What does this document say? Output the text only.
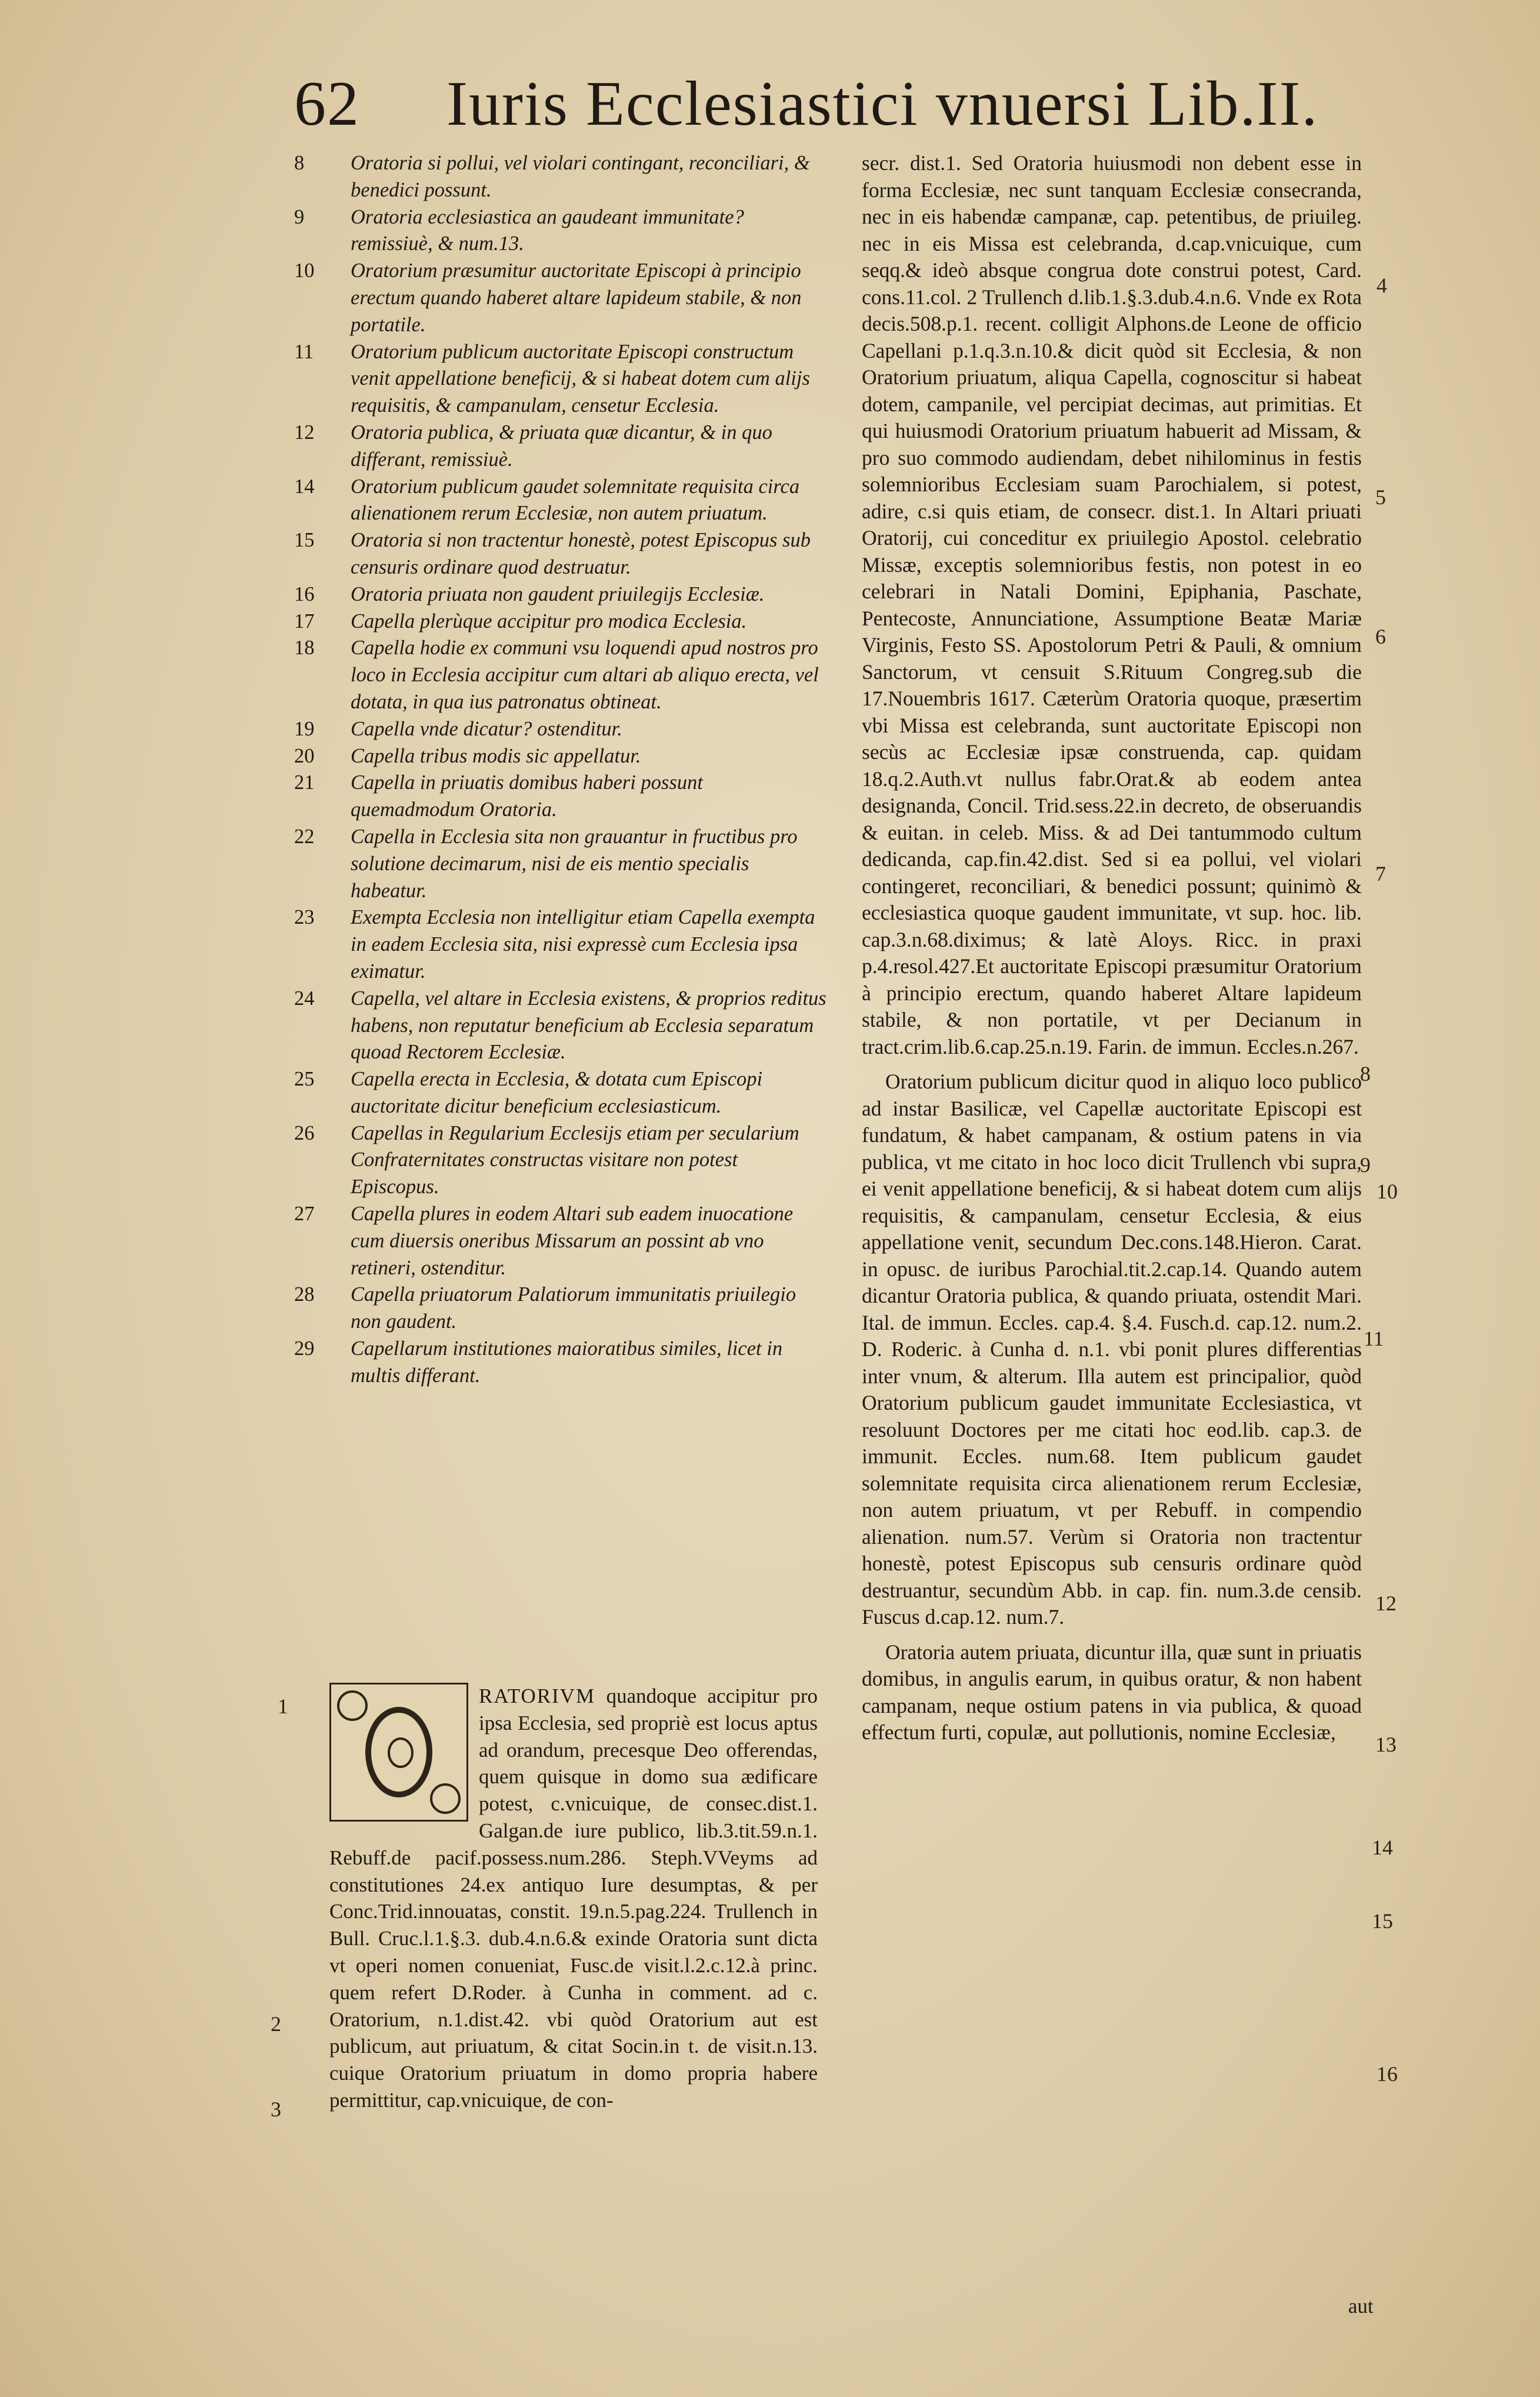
62 Iuris Ecclesiastici vnuersi Lib.II.
8	Oratoria si pollui, vel violari contingant, reconciliari, & benedici possunt.
9	Oratoria ecclesiastica an gaudeant immunitate? remissiuè, & num.13.
10	Oratorium præsumitur auctoritate Episcopi à principio erectum quando haberet altare lapideum stabile, & non portatile.
11	Oratorium publicum auctoritate Episcopi constructum venit appellatione beneficij, & si habeat dotem cum alijs requisitis, & campanulam, censetur Ecclesia.
12	Oratoria publica, & priuata quæ dicantur, & in quo differant, remissiuè.
14	Oratorium publicum gaudet solemnitate requisita circa alienationem rerum Ecclesiæ, non autem priuatum.
15	Oratoria si non tractentur honestè, potest Episcopus sub censuris ordinare quod destruatur.
16	Oratoria priuata non gaudent priuilegijs Ecclesiæ.
17	Capella plerùque accipitur pro modica Ecclesia.
18	Capella hodie ex communi vsu loquendi apud nostros pro loco in Ecclesia accipitur cum altari ab aliquo erecta, vel dotata, in qua ius patronatus obtineat.
19	Capella vnde dicatur? ostenditur.
20	Capella tribus modis sic appellatur.
21	Capella in priuatis domibus haberi possunt quemadmodum Oratoria.
22	Capella in Ecclesia sita non grauantur in fructibus pro solutione decimarum, nisi de eis mentio specialis habeatur.
23	Exempta Ecclesia non intelligitur etiam Capella exempta in eadem Ecclesia sita, nisi expressè cum Ecclesia ipsa eximatur.
24	Capella, vel altare in Ecclesia existens, & proprios reditus habens, non reputatur beneficium ab Ecclesia separatum quoad Rectorem Ecclesiæ.
25	Capella erecta in Ecclesia, & dotata cum Episcopi auctoritate dicitur beneficium ecclesiasticum.
26	Capellas in Regularium Ecclesijs etiam per secularium Confraternitates constructas visitare non potest Episcopus.
27	Capella plures in eodem Altari sub eadem inuocatione cum diuersis oneribus Missarum an possint ab vno retineri, ostenditur.
28	Capella priuatorum Palatiorum immunitatis priuilegio non gaudent.
29	Capellarum institutiones maioratibus similes, licet in multis differant.

RATORIVM quandoque accipitur pro ipsa Ecclesia, sed propriè est locus aptus ad orandum, precesque Deo offerendas, quem quisque in domo sua ædificare potest, c.vnicuique, de consec.dist.1. Galgan.de iure publico, lib.3.tit.59.n.1. Rebuff.de pacif.possess.num.286. Steph.VVeyms ad constitutiones 24.ex antiquo Iure desumptas, & per Conc.Trid.innouatas, constit. 19.n.5.pag.224. Trullench in Bull. Cruc.l.1.§.3. dub.4.n.6.& exinde Oratoria sunt dicta vt operi nomen conueniat, Fusc.de visit.l.2.c.12.à princ. quem refert D.Roder. à Cunha in comment. ad c. Oratorium, n.1.dist.42. vbi quòd Oratorium aut est publicum, aut priuatum, & citat Socin.in t. de visit.n.13. cuique Oratorium priuatum in domo propria habere permittitur, cap.vnicuique, de con-

secr. dist.1. Sed Oratoria huiusmodi non debent esse in forma Ecclesiæ, nec sunt tanquam Ecclesiæ consecranda, nec in eis habendæ campanæ, cap. petentibus, de priuileg. nec in eis Missa est celebranda, d.cap.vnicuique, cum seqq.& ideò absque congrua dote construi potest, Card. cons.11.col. 2 Trullench d.lib.1.§.3.dub.4.n.6. Vnde ex Rota decis.508.p.1. recent. colligit Alphons.de Leone de officio Capellani p.1.q.3.n.10.& dicit quòd sit Ecclesia, & non Oratorium priuatum, aliqua Capella, cognoscitur si habeat dotem, campanile, vel percipiat decimas, aut primitias. Et qui huiusmodi Oratorium priuatum habuerit ad Missam, & pro suo commodo audiendam, debet nihilominus in festis solemnioribus Ecclesiam suam Parochialem, si potest, adire, c.si quis etiam, de consecr. dist.1. In Altari priuati Oratorij, cui conceditur ex priuilegio Apostol. celebratio Missæ, exceptis solemnioribus festis, non potest in eo celebrari in Natali Domini, Epiphania, Paschate, Pentecoste, Annunciatione, Assumptione Beatæ Mariæ Virginis, Festo SS. Apostolorum Petri & Pauli, & omnium Sanctorum, vt censuit S.Rituum Congreg.sub die 17.Nouembris 1617. Cæterùm Oratoria quoque, præsertim vbi Missa est celebranda, sunt auctoritate Episcopi non secùs ac Ecclesiæ ipsæ construenda, cap. quidam 18.q.2.Auth.vt nullus fabr.Orat.& ab eodem antea designanda, Concil. Trid.sess.22.in decreto, de obseruandis & euitan. in celeb. Miss. & ad Dei tantummodo cultum dedicanda, cap.fin.42.dist. Sed si ea pollui, vel violari contingeret, reconciliari, & benedici possunt; quinimò & ecclesiastica quoque gaudent immunitate, vt sup. hoc. lib. cap.3.n.68.diximus; & latè Aloys. Ricc. in praxi p.4.resol.427.Et auctoritate Episcopi præsumitur Oratorium à principio erectum, quando haberet Altare lapideum stabile, & non portatile, vt per Decianum in tract.crim.lib.6.cap.25.n.19. Farin. de immun. Eccles.n.267.

Oratorium publicum dicitur quod in aliquo loco publico ad instar Basilicæ, vel Capellæ auctoritate Episcopi est fundatum, & habet campanam, & ostium patens in via publica, vt me citato in hoc loco dicit Trullench vbi supra, ei venit appellatione beneficij, & si habeat dotem cum alijs requisitis, & campanulam, censetur Ecclesia, & eius appellatione venit, secundum Dec.cons.148.Hieron. Carat. in opusc. de iuribus Parochial.tit.2.cap.14. Quando autem dicantur Oratoria publica, & quando priuata, ostendit Mari. Ital. de immun. Eccles. cap.4. §.4. Fusch.d. cap.12. num.2. D. Roderic. à Cunha d. n.1. vbi ponit plures differentias inter vnum, & alterum. Illa autem est principalior, quòd Oratorium publicum gaudet immunitate Ecclesiastica, vt resoluunt Doctores per me citati hoc eod.lib. cap.3. de immunit. Eccles. num.68. Item publicum gaudet solemnitate requisita circa alienationem rerum Ecclesiæ, non autem priuatum, vt per Rebuff. in compendio alienation. num.57. Verùm si Oratoria non tractentur honestè, potest Episcopus sub censuris ordinare quòd destruantur, secundùm Abb. in cap. fin. num.3.de censib. Fuscus d.cap.12. num.7.

Oratoria autem priuata, dicuntur illa, quæ sunt in priuatis domibus, in angulis earum, in quibus oratur, & non habent campanam, neque ostium patens in via publica, & quoad effectum furti, copulæ, aut pollutionis, nomine Ecclesiæ,

aut
1
2
3
4
5
6
7
8
9
10
11
12
13
14
15
16
